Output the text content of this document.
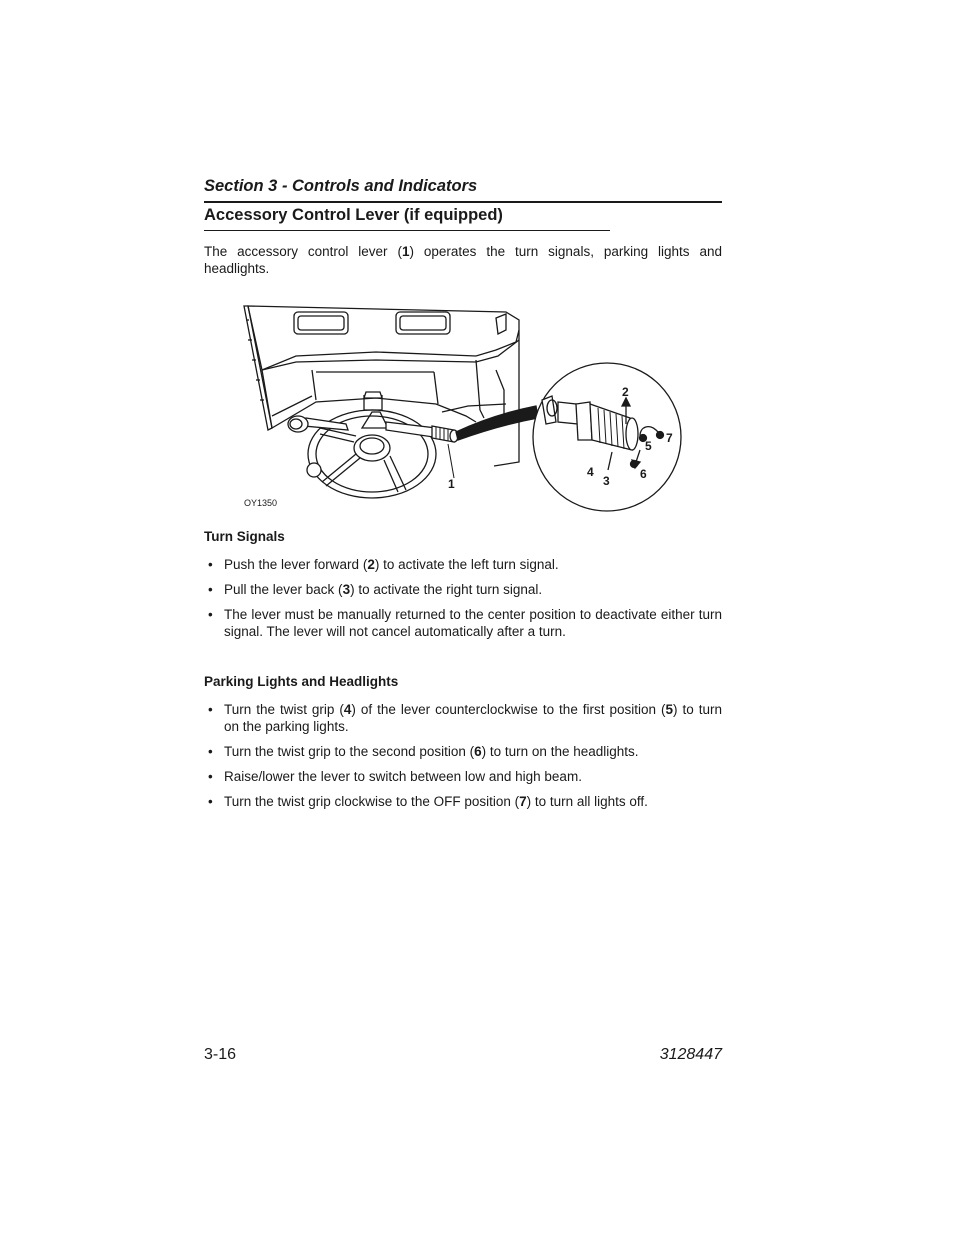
Section 3 - Controls and Indicators
Accessory Control Lever (if equipped)
The accessory control lever (1) operates the turn signals, parking lights and
headlights.
1
2
3
4
5
6
7
OY1350
Turn Signals
• Push the lever forward (2) to activate the left turn signal.
• Pull the lever back (3) to activate the right turn signal.
• The lever must be manually returned to the center position to deactivate either turn signal. The lever will not cancel automatically after a turn.
Parking Lights and Headlights
• Turn the twist grip (4) of the lever counterclockwise to the first position (5) to turn on the parking lights.
• Turn the twist grip to the second position (6) to turn on the headlights.
• Raise/lower the lever to switch between low and high beam.
• Turn the twist grip clockwise to the OFF position (7) to turn all lights off.
3-16	3128447
